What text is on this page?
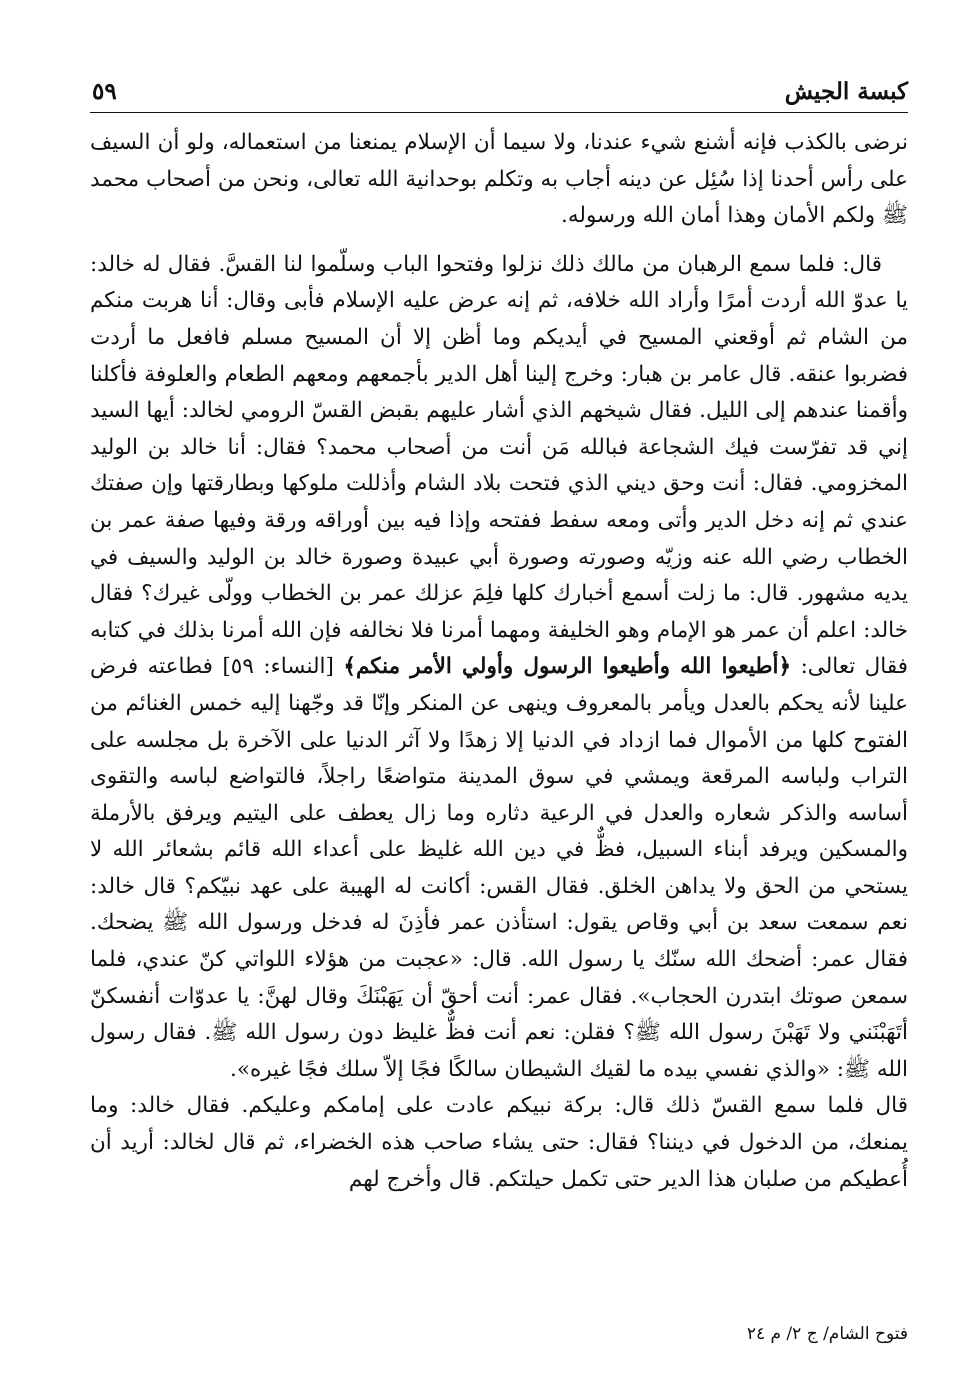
كبسة الجيش
٥٩

نرضى بالكذب فإنه أشنع شيء عندنا، ولا سيما أن الإسلام يمنعنا من استعماله، ولو أن السيف على رأس أحدنا إذا سُئِل عن دينه أجاب به وتكلم بوحدانية الله تعالى، ونحن من أصحاب محمد ﷺ ولكم الأمان وهذا أمان الله ورسوله.

قال: فلما سمع الرهبان من مالك ذلك نزلوا وفتحوا الباب وسلّموا لنا القسَّ. فقال له خالد: يا عدوّ الله أردت أمرًا وأراد الله خلافه، ثم إنه عرض عليه الإسلام فأبى وقال: أنا هربت منكم من الشام ثم أوقعني المسيح في أيديكم وما أظن إلا أن المسيح مسلم فافعل ما أردت فضربوا عنقه. قال عامر بن هبار: وخرج إلينا أهل الدير بأجمعهم ومعهم الطعام والعلوفة فأكلنا وأقمنا عندهم إلى الليل. فقال شيخهم الذي أشار عليهم بقبض القسّ الرومي لخالد: أيها السيد إني قد تفرّست فيك الشجاعة فبالله مَن أنت من أصحاب محمد؟ فقال: أنا خالد بن الوليد المخزومي. فقال: أنت وحق ديني الذي فتحت بلاد الشام وأذللت ملوكها وبطارقتها وإن صفتك عندي ثم إنه دخل الدير وأتى ومعه سفط ففتحه وإذا فيه بين أوراقه ورقة وفيها صفة عمر بن الخطاب رضي الله عنه وزيّه وصورته وصورة أبي عبيدة وصورة خالد بن الوليد والسيف في يديه مشهور. قال: ما زلت أسمع أخبارك كلها فلِمَ عزلك عمر بن الخطاب وولّى غيرك؟ فقال خالد: اعلم أن عمر هو الإمام وهو الخليفة ومهما أمرنا فلا نخالفه فإن الله أمرنا بذلك في كتابه فقال تعالى: ﴿أطيعوا الله وأطيعوا الرسول وأولي الأمر منكم﴾ [النساء: ٥٩] فطاعته فرض علينا لأنه يحكم بالعدل ويأمر بالمعروف وينهى عن المنكر وإنّا قد وجّهنا إليه خمس الغنائم من الفتوح كلها من الأموال فما ازداد في الدنيا إلا زهدًا ولا آثر الدنيا على الآخرة بل مجلسه على التراب ولباسه المرقعة ويمشي في سوق المدينة متواضعًا راجلاً، فالتواضع لباسه والتقوى أساسه والذكر شعاره والعدل في الرعية دثاره وما زال يعطف على اليتيم ويرفق بالأرملة والمسكين ويرفد أبناء السبيل، فظٌّ في دين الله غليظ على أعداء الله قائم بشعائر الله لا يستحي من الحق ولا يداهن الخلق. فقال القس: أكانت له الهيبة على عهد نبيّكم؟ قال خالد: نعم سمعت سعد بن أبي وقاص يقول: استأذن عمر فأذِنَ له فدخل ورسول الله ﷺ يضحك. فقال عمر: أضحك الله سنّك يا رسول الله. قال: «عجبت من هؤلاء اللواتي كنّ عندي، فلما سمعن صوتك ابتدرن الحجاب». فقال عمر: أنت أحقّ أن يَهَبْنَكَ وقال لهنَّ: يا عدوّات أنفسكنّ أتَهَبْنَني ولا تَهَبْنَ رسول الله ﷺ؟ فقلن: نعم أنت فظٌّ غليظ دون رسول الله ﷺ. فقال رسول الله ﷺ: «والذي نفسي بيده ما لقيك الشيطان سالكًا فجًا إلاّ سلك فجًا غيره».

قال فلما سمع القسّ ذلك قال: بركة نبيكم عادت على إمامكم وعليكم. فقال خالد: وما يمنعك، من الدخول في ديننا؟ فقال: حتى يشاء صاحب هذه الخضراء، ثم قال لخالد: أريد أن أُعطيكم من صلبان هذا الدير حتى تكمل حيلتكم. قال وأخرج لهم

فتوح الشام/ ج ٢/ م ٢٤
